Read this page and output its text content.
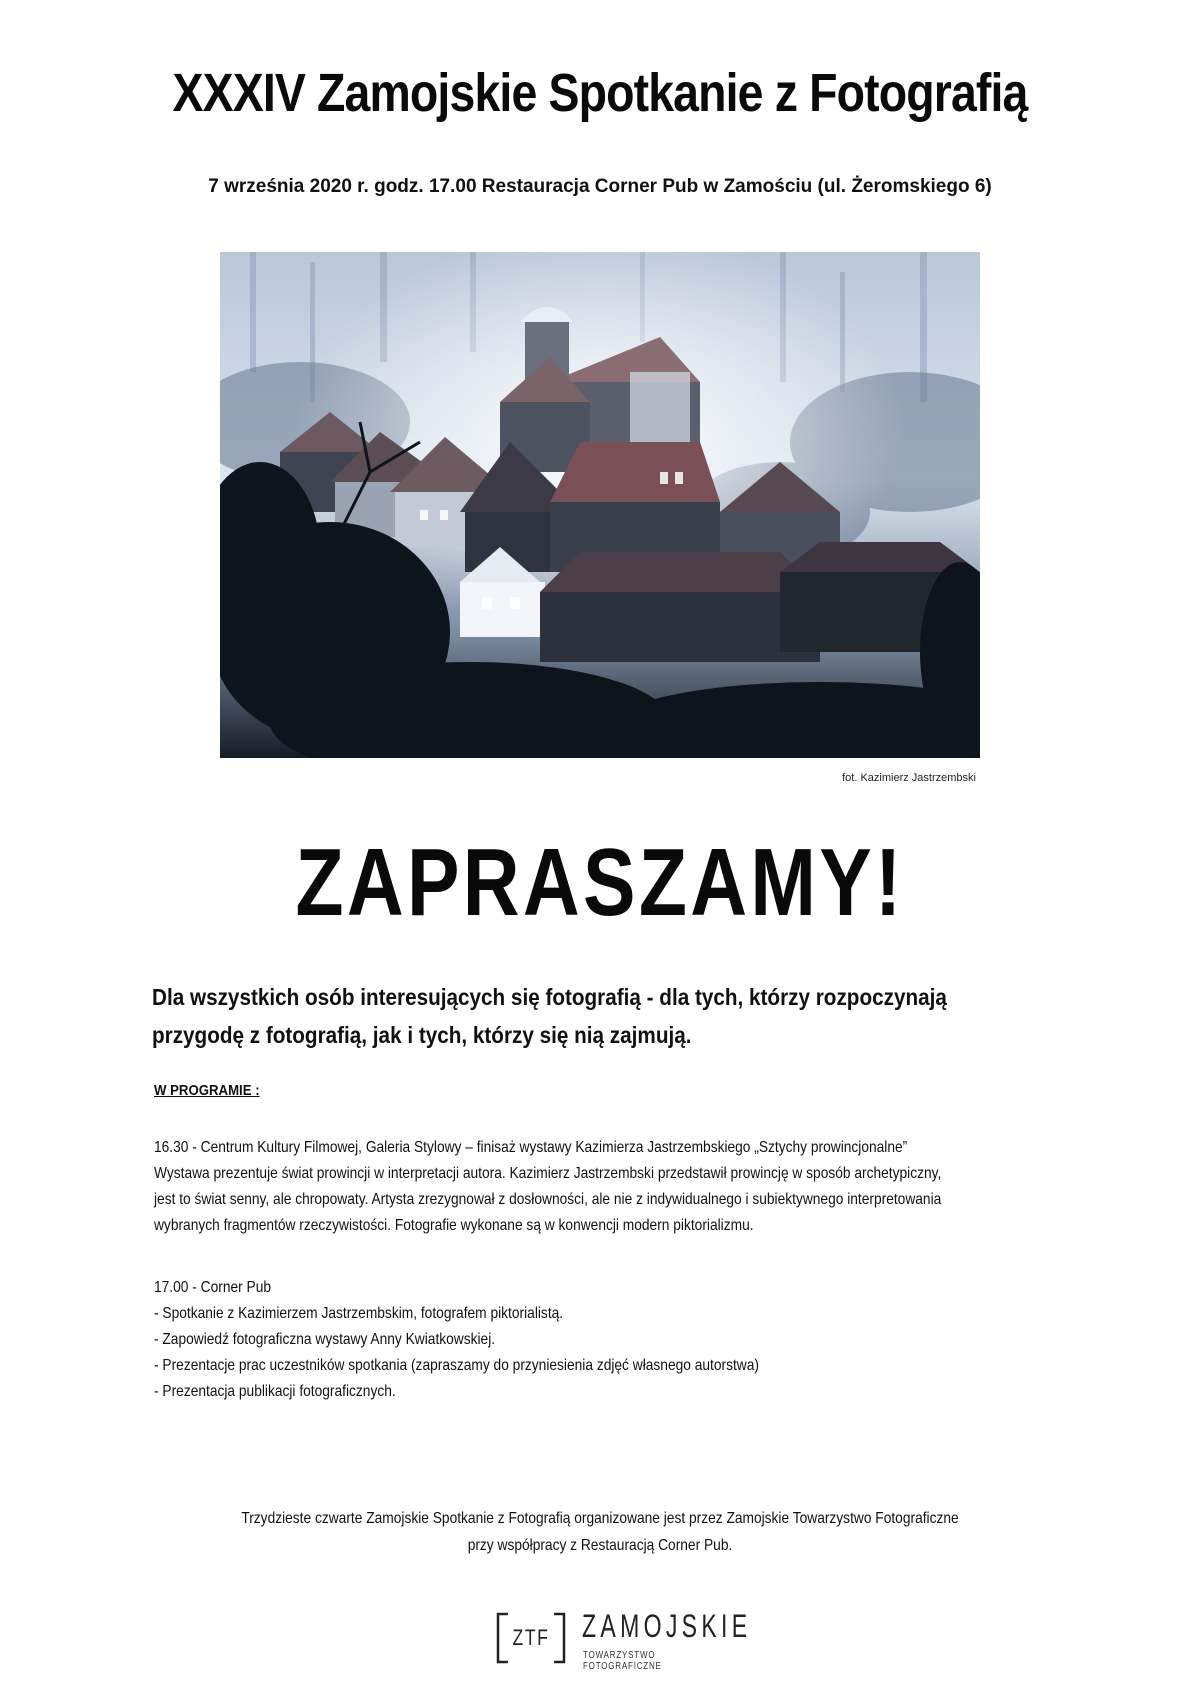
XXXIV Zamojskie Spotkanie z Fotografią

7 września 2020 r. godz. 17.00 Restauracja Corner Pub w Zamościu (ul. Żeromskiego 6)

fot. Kazimierz Jastrzembski
ZAPRASZAMY!

Dla wszystkich osób interesujących się fotografią - dla tych, którzy rozpoczynają
przygodę z fotografią, jak i tych, którzy się nią zajmują.

W PROGRAMIE :

16.30 - Centrum Kultury Filmowej, Galeria Stylowy – finisaż wystawy Kazimierza Jastrzembskiego „Sztychy prowincjonalne”
Wystawa prezentuje świat prowincji w interpretacji autora. Kazimierz Jastrzembski przedstawił prowincję w sposób archetypiczny,
jest to świat senny, ale chropowaty. Artysta zrezygnował z dosłowności, ale nie z indywidualnego i subiektywnego interpretowania
wybranych fragmentów rzeczywistości. Fotografie wykonane są w konwencji modern piktorializmu.

17.00 - Corner Pub
- Spotkanie z Kazimierzem Jastrzembskim, fotografem piktorialistą.
- Zapowiedź fotograficzna wystawy Anny Kwiatkowskiej.
- Prezentacje prac uczestników spotkania (zapraszamy do przyniesienia zdjęć własnego autorstwa)
- Prezentacja publikacji fotograficznych.

Trzydzieste czwarte Zamojskie Spotkanie z Fotografią organizowane jest przez Zamojskie Towarzystwo Fotograficzne
przy współpracy z Restauracją Corner Pub.
ZTF	ZAMOJSKIE
TOWARZYSTWO FOTOGRAFICZNE
